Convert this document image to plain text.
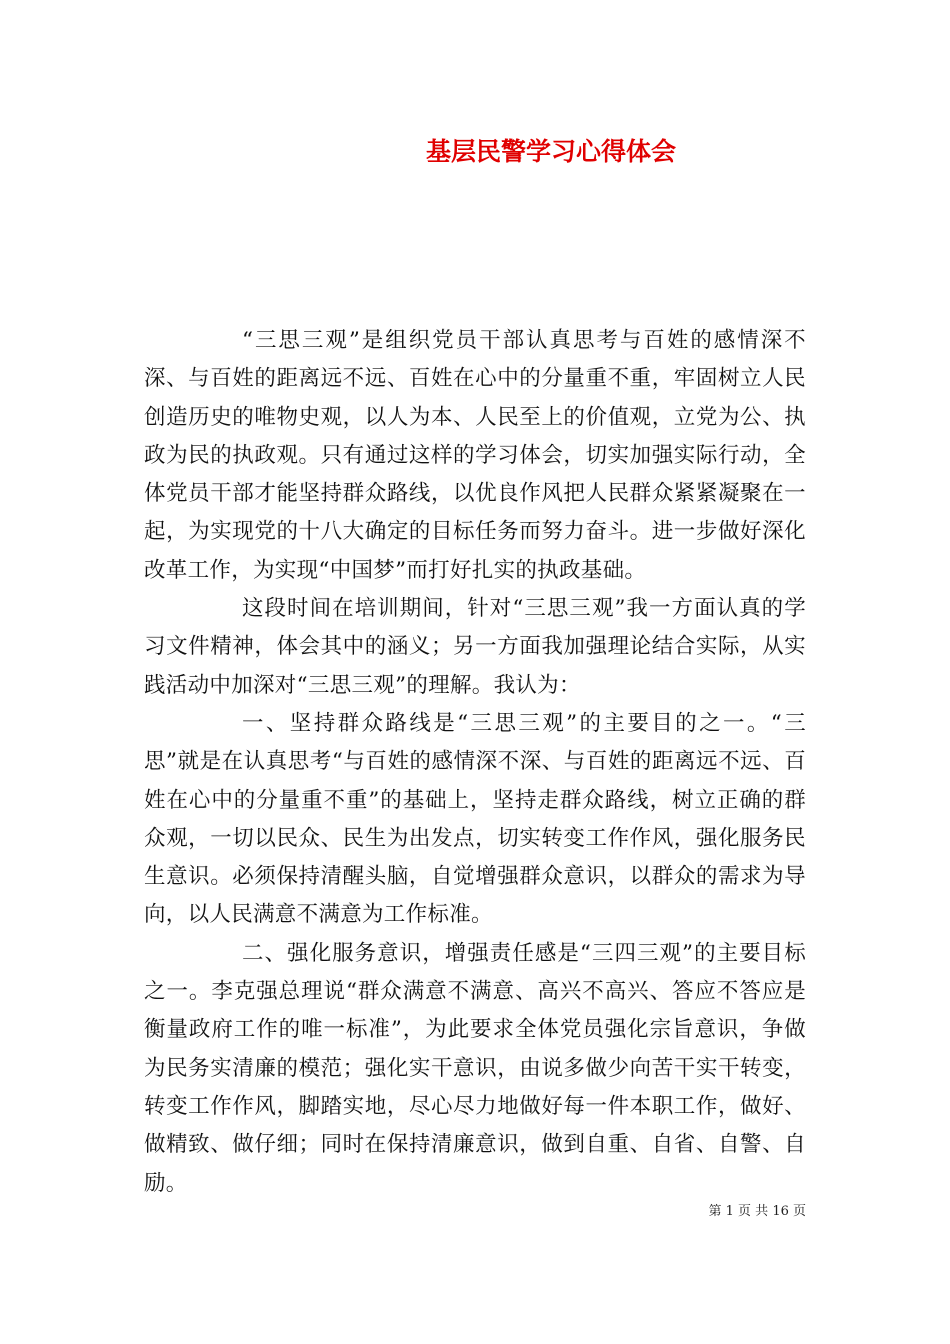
基层民警学习心得体会

“三思三观”是组织党员干部认真思考与百姓的感情深不深、与百姓的距离远不远、百姓在心中的分量重不重，牢固树立人民创造历史的唯物史观，以人为本、人民至上的价值观，立党为公、执政为民的执政观。只有通过这样的学习体会，切实加强实际行动，全体党员干部才能坚持群众路线，以优良作风把人民群众紧紧凝聚在一起，为实现党的十八大确定的目标任务而努力奋斗。进一步做好深化改革工作，为实现“中国梦”而打好扎实的执政基础。

这段时间在培训期间，针对“三思三观”我一方面认真的学习文件精神，体会其中的涵义；另一方面我加强理论结合实际，从实践活动中加深对“三思三观”的理解。我认为：

一、坚持群众路线是“三思三观”的主要目的之一。“三思”就是在认真思考“与百姓的感情深不深、与百姓的距离远不远、百姓在心中的分量重不重”的基础上，坚持走群众路线，树立正确的群众观，一切以民众、民生为出发点，切实转变工作作风，强化服务民生意识。必须保持清醒头脑，自觉增强群众意识，以群众的需求为导向，以人民满意不满意为工作标准。

二、强化服务意识，增强责任感是“三四三观”的主要目标之一。李克强总理说“群众满意不满意、高兴不高兴、答应不答应是衡量政府工作的唯一标准”，为此要求全体党员强化宗旨意识，争做为民务实清廉的模范；强化实干意识，由说多做少向苦干实干转变，转变工作作风，脚踏实地，尽心尽力地做好每一件本职工作，做好、做精致、做仔细；同时在保持清廉意识，做到自重、自省、自警、自励。

第 1 页 共 16 页
